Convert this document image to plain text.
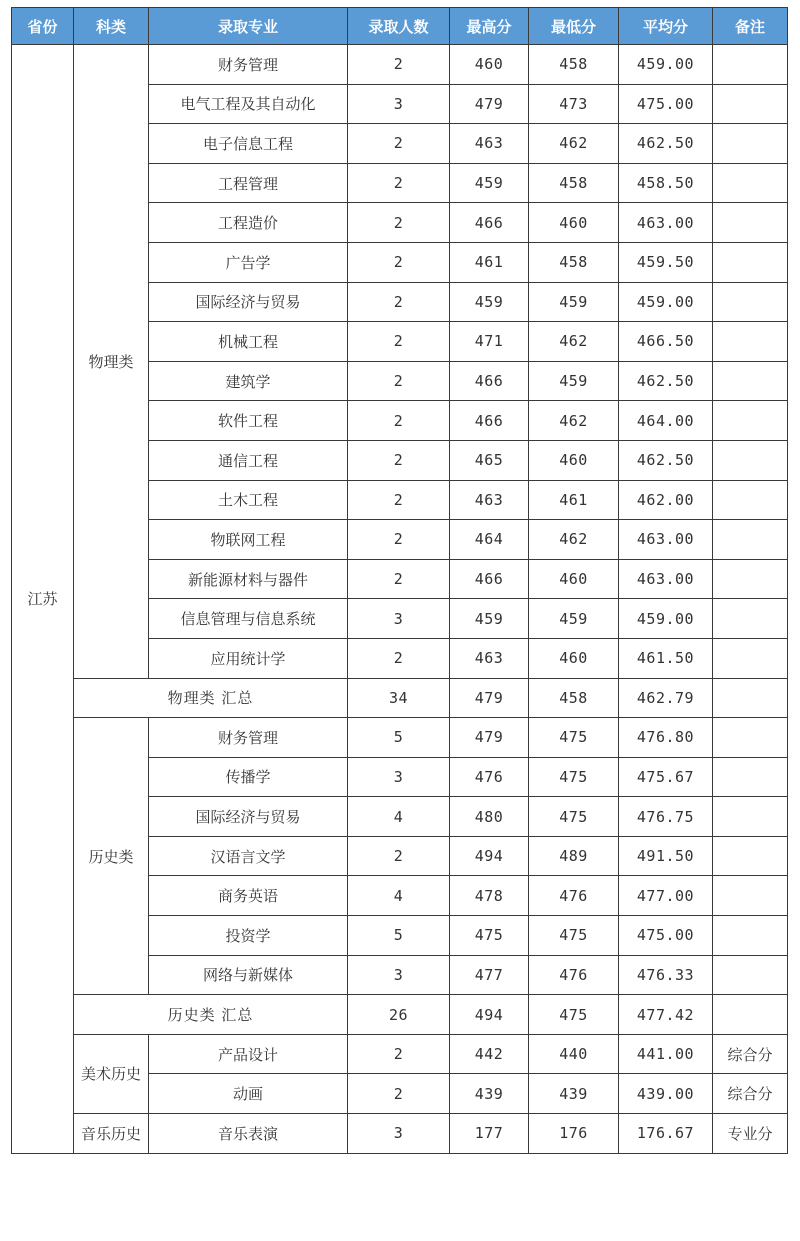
省份	科类	录取专业	录取人数	最高分	最低分	平均分	备注
江苏	物理类	财务管理	2	460	458	459.00	
		电气工程及其自动化	3	479	473	475.00	
		电子信息工程	2	463	462	462.50	
		工程管理	2	459	458	458.50	
		工程造价	2	466	460	463.00	
		广告学	2	461	458	459.50	
		国际经济与贸易	2	459	459	459.00	
		机械工程	2	471	462	466.50	
		建筑学	2	466	459	462.50	
		软件工程	2	466	462	464.00	
		通信工程	2	465	460	462.50	
		土木工程	2	463	461	462.00	
		物联网工程	2	464	462	463.00	
		新能源材料与器件	2	466	460	463.00	
		信息管理与信息系统	3	459	459	459.00	
		应用统计学	2	463	460	461.50	
	物理类 汇总		34	479	458	462.79	
	历史类	财务管理	5	479	475	476.80	
		传播学	3	476	475	475.67	
		国际经济与贸易	4	480	475	476.75	
		汉语言文学	2	494	489	491.50	
		商务英语	4	478	476	477.00	
		投资学	5	475	475	475.00	
		网络与新媒体	3	477	476	476.33	
	历史类 汇总		26	494	475	477.42	
	美术历史	产品设计	2	442	440	441.00	综合分
		动画	2	439	439	439.00	综合分
	音乐历史	音乐表演	3	177	176	176.67	专业分
